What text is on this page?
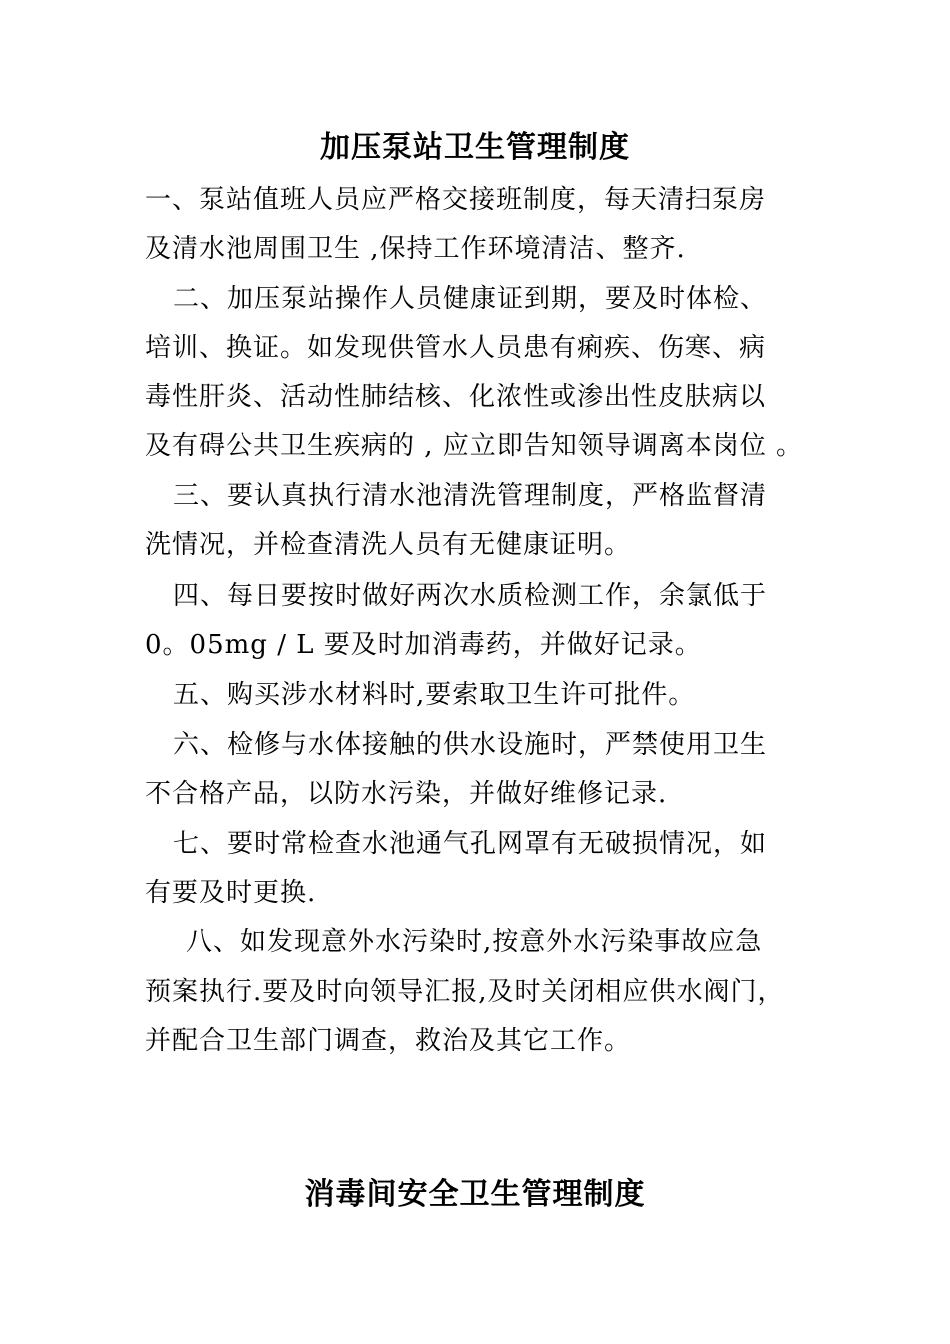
加压泵站卫生管理制度
一、泵站值班人员应严格交接班制度，每天清扫泵房
及清水池周围卫生 ,保持工作环境清洁、整齐.
二、加压泵站操作人员健康证到期，要及时体检、
培训、换证。如发现供管水人员患有痢疾、伤寒、病
毒性肝炎、活动性肺结核、化浓性或渗出性皮肤病以
及有碍公共卫生疾病的 , 应立即告知领导调离本岗位 。
三、要认真执行清水池清洗管理制度，严格监督清
洗情况，并检查清洗人员有无健康证明。
四、每日要按时做好两次水质检测工作，余氯低于
0。05mg / L 要及时加消毒药，并做好记录。
五、购买涉水材料时,要索取卫生许可批件。
六、检修与水体接触的供水设施时，严禁使用卫生
不合格产品，以防水污染，并做好维修记录.
七、要时常检查水池通气孔网罩有无破损情况，如
有要及时更换.
八、如发现意外水污染时,按意外水污染事故应急
预案执行.要及时向领导汇报,及时关闭相应供水阀门，
并配合卫生部门调查，救治及其它工作。
消毒间安全卫生管理制度
